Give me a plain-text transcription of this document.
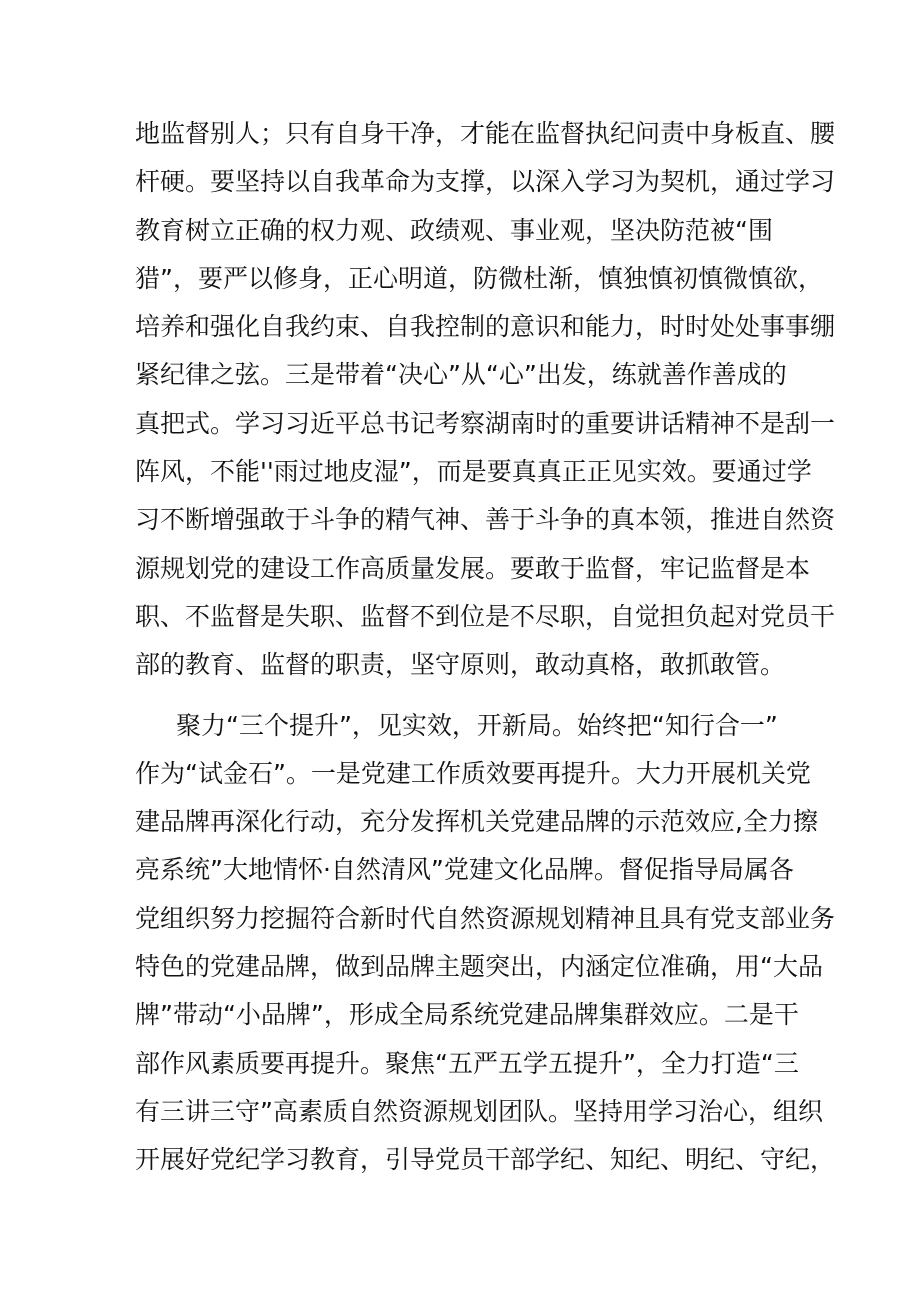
地监督别人；只有自身干净，才能在监督执纪问责中身板直、腰
杆硬。要坚持以自我革命为支撑，以深入学习为契机，通过学习
教育树立正确的权力观、政绩观、事业观，坚决防范被“围
猎”，要严以修身，正心明道，防微杜渐，慎独慎初慎微慎欲，
培养和强化自我约束、自我控制的意识和能力，时时处处事事绷
紧纪律之弦。三是带着“决心”从“心”出发，练就善作善成的
真把式。学习习近平总书记考察湖南时的重要讲话精神不是刮一
阵风，不能''雨过地皮湿”，而是要真真正正见实效。要通过学
习不断增强敢于斗争的精气神、善于斗争的真本领，推进自然资
源规划党的建设工作高质量发展。要敢于监督，牢记监督是本
职、不监督是失职、监督不到位是不尽职，自觉担负起对党员干
部的教育、监督的职责，坚守原则，敢动真格，敢抓敢管。
聚力“三个提升”，见实效，开新局。始终把“知行合一”
作为“试金石”。一是党建工作质效要再提升。大力开展机关党
建品牌再深化行动，充分发挥机关党建品牌的示范效应,全力擦
亮系统”大地情怀·自然清风”党建文化品牌。督促指导局属各
党组织努力挖掘符合新时代自然资源规划精神且具有党支部业务
特色的党建品牌，做到品牌主题突出，内涵定位准确，用“大品
牌”带动“小品牌”，形成全局系统党建品牌集群效应。二是干
部作风素质要再提升。聚焦“五严五学五提升”，全力打造“三
有三讲三守”高素质自然资源规划团队。坚持用学习治心，组织
开展好党纪学习教育，引导党员干部学纪、知纪、明纪、守纪，
